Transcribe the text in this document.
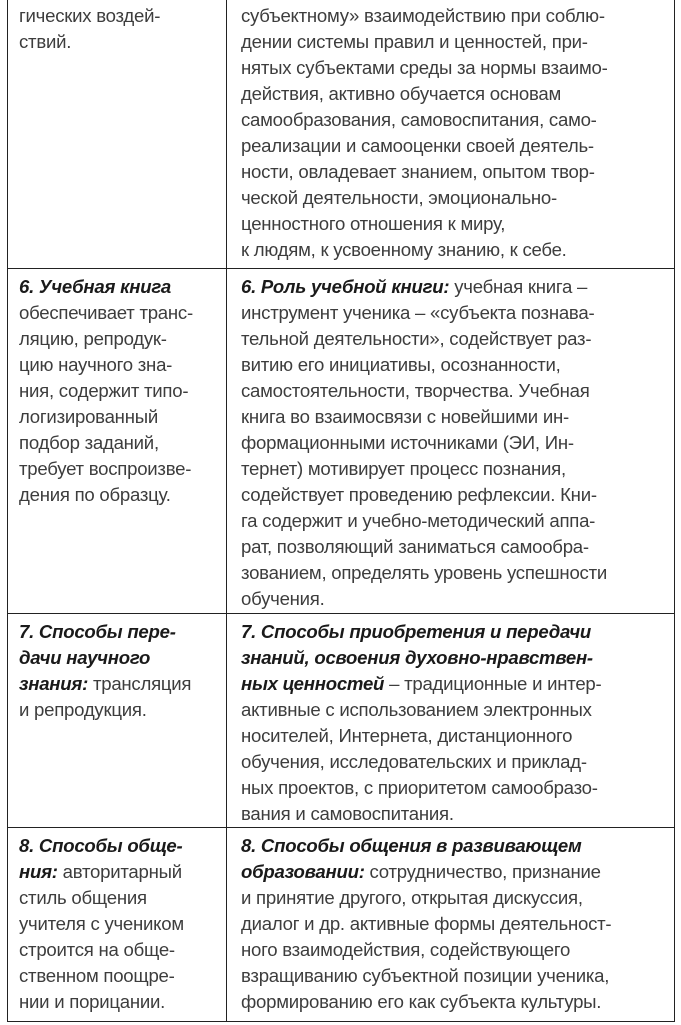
гических воздей-
ствий.
субъектному» взаимодействию при соблю-
дении системы правил и ценностей, при-
нятых субъектами среды за нормы взаимо-
действия, активно обучается основам
самообразования, самовоспитания, само-
реализации и самооценки своей деятель-
ности, овладевает знанием, опытом твор-
ческой деятельности, эмоционально-
ценностного отношения к миру,
к людям, к усвоенному знанию, к себе.
6. Учебная книга
обеспечивает транс-
ляцию, репродук-
цию научного зна-
ния, содержит типо-
логизированный
подбор заданий,
требует воспроизве-
дения по образцу.
6. Роль учебной книги: учебная книга –
инструмент ученика – «субъекта познава-
тельной деятельности», содействует раз-
витию его инициативы, осознанности,
самостоятельности, творчества. Учебная
книга во взаимосвязи с новейшими ин-
формационными источниками (ЭИ, Ин-
тернет) мотивирует процесс познания,
содействует проведению рефлексии. Кни-
га содержит и учебно-методический аппа-
рат, позволяющий заниматься самообра-
зованием, определять уровень успешности
обучения.
7. Способы пере-
дачи научного
знания: трансляция
и репродукция.
7. Способы приобретения и передачи
знаний, освоения духовно-нравствен-
ных ценностей – традиционные и интер-
активные с использованием электронных
носителей, Интернета, дистанционного
обучения, исследовательских и приклад-
ных проектов, с приоритетом самообразо-
вания и самовоспитания.
8. Способы обще-
ния: авторитарный
стиль общения
учителя с учеником
строится на обще-
ственном поощре-
нии и порицании.
8. Способы общения в развивающем
образовании: сотрудничество, признание
и принятие другого, открытая дискуссия,
диалог и др. активные формы деятельност-
ного взаимодействия, содействующего
взращиванию субъектной позиции ученика,
формированию его как субъекта культуры.
